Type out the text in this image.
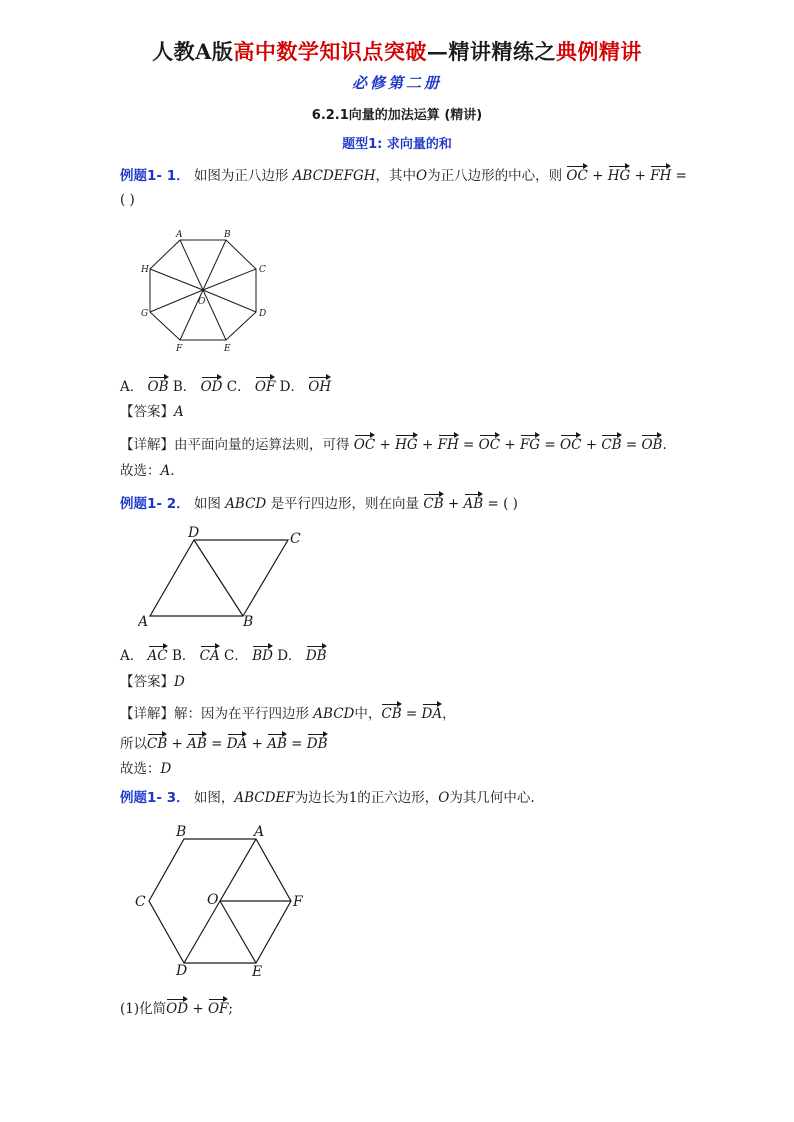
人教A版高中数学知识点突破—精讲精练之典例精讲
必修第二册
6.2.1向量的加法运算 (精讲)
题型1: 求向量的和
例题1- 1． 如图为正八边形 ABCDEFGH，其中O为正八边形的中心，则 OC + HG + FH =
( )
A	B
C
D
E
F
G
H
O
A． OB B． OD C． OF D． OH
【答案】A
【详解】由平面向量的运算法则，可得 OC + HG + FH = OC + FG = OC + CB = OB.
故选：A.
例题1- 2． 如图 ABCD 是平行四边形，则在向量 CB + AB = ( )
D	C
A	B
A． AC B． CA C． BD D． DB
【答案】D
【详解】解：因为在平行四边形 ABCD中，CB = DA，
所以CB + AB = DA + AB = DB
故选：D
例题1- 3． 如图，ABCDEF为边长为1的正六边形，O为其几何中心.
B	A
C	O	F
D	E
(1)化简OD + OF;
